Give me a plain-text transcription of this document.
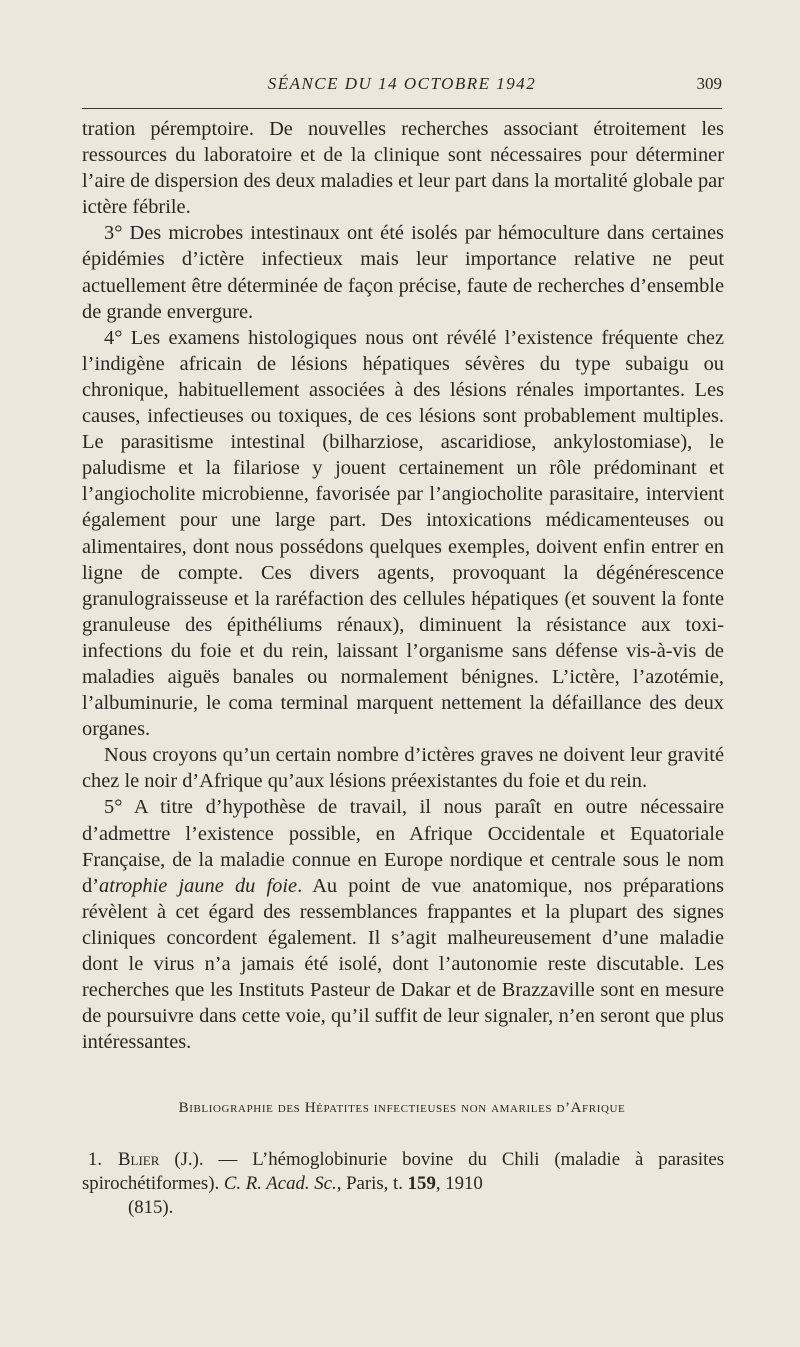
SÉANCE DU 14 OCTOBRE 1942	309

tration péremptoire. De nouvelles recherches associant étroitement les ressources du laboratoire et de la clinique sont nécessaires pour déterminer l’aire de dispersion des deux maladies et leur part dans la mortalité globale par ictère fébrile.

3° Des microbes intestinaux ont été isolés par hémoculture dans certaines épidémies d’ictère infectieux mais leur importance relative ne peut actuellement être déterminée de façon précise, faute de recherches d’ensemble de grande envergure.

4° Les examens histologiques nous ont révélé l’existence fréquente chez l’indigène africain de lésions hépatiques sévères du type subaigu ou chronique, habituellement associées à des lésions rénales importantes. Les causes, infectieuses ou toxiques, de ces lésions sont probablement multiples. Le parasitisme intestinal (bilharziose, ascaridiose, ankylostomiase), le paludisme et la filariose y jouent certainement un rôle prédominant et l’angiocholite microbienne, favorisée par l’angiocholite parasitaire, intervient également pour une large part. Des intoxications médicamenteuses ou alimentaires, dont nous possédons quelques exemples, doivent enfin entrer en ligne de compte. Ces divers agents, provoquant la dégénérescence granulograisseuse et la raréfaction des cellules hépatiques (et souvent la fonte granuleuse des épithéliums rénaux), diminuent la résistance aux toxi-infections du foie et du rein, laissant l’organisme sans défense vis-à-vis de maladies aiguës banales ou normalement bénignes. L’ictère, l’azotémie, l’albuminurie, le coma terminal marquent nettement la défaillance des deux organes.

Nous croyons qu’un certain nombre d’ictères graves ne doivent leur gravité chez le noir d’Afrique qu’aux lésions préexistantes du foie et du rein.

5° A titre d’hypothèse de travail, il nous paraît en outre nécessaire d’admettre l’existence possible, en Afrique Occidentale et Equatoriale Française, de la maladie connue en Europe nordique et centrale sous le nom d’atrophie jaune du foie. Au point de vue anatomique, nos préparations révèlent à cet égard des ressemblances frappantes et la plupart des signes cliniques concordent également. Il s’agit malheureusement d’une maladie dont le virus n’a jamais été isolé, dont l’autonomie reste discutable. Les recherches que les Instituts Pasteur de Dakar et de Brazzaville sont en mesure de poursuivre dans cette voie, qu’il suffit de leur signaler, n’en seront que plus intéressantes.

Bibliographie des Hépatites infectieuses non amariles d’Afrique
1. Blier (J.). — L’hémoglobinurie bovine du Chili (maladie à parasites spirochétiformes). C. R. Acad. Sc., Paris, t. 159, 1910
(815).
